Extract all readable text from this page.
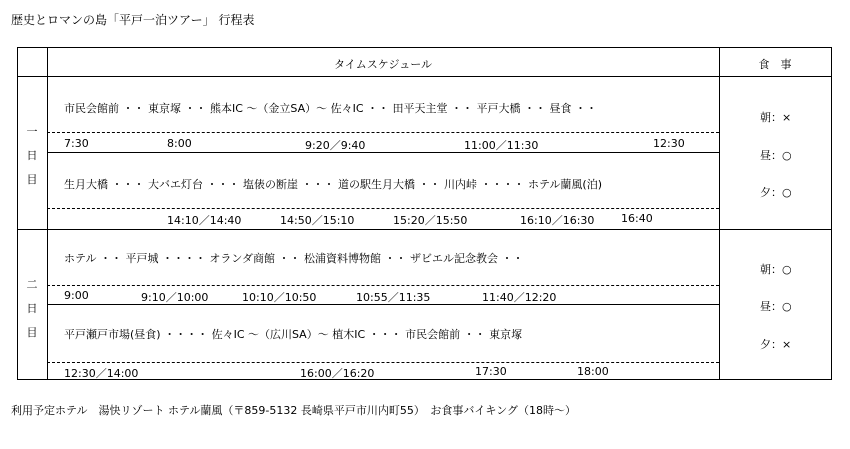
歴史とロマンの島「平戸一泊ツアー」 行程表
タイムスケジュール	食　事
一
日
目
市民会館前 ・・ 東京塚 ・・ 熊本IC ～（金立SA）～ 佐々IC ・・ 田平天主堂 ・・ 平戸大橋 ・・ 昼食 ・・
7:30	8:00	9:20／9:40	11:00／11:30	12:30
生月大橋 ・・・ 大バエ灯台 ・・・ 塩俵の断崖 ・・・ 道の駅生月大橋 ・・ 川内峠 ・・・・ ホテル蘭風(泊)
14:10／14:40	14:50／15:10	15:20／15:50	16:10／16:30 16:40
朝：×
昼：○
夕：○
二
日
目
ホテル ・・ 平戸城 ・・・・ オランダ商館 ・・ 松浦資料博物館 ・・ ザビエル記念教会 ・・
9:00	9:10／10:00	10:10／10:50	10:55／11:35	11:40／12:20
平戸瀬戸市場(昼食) ・・・・ 佐々IC ～（広川SA）～ 植木IC ・・・ 市民会館前 ・・ 東京塚
12:30／14:00	16:00／16:20	17:30	18:00
朝：○
昼：○
夕：×
利用予定ホテル　湯快リゾート ホテル蘭風（〒859-5132 長崎県平戸市川内町55）　お食事バイキング（18時～）
